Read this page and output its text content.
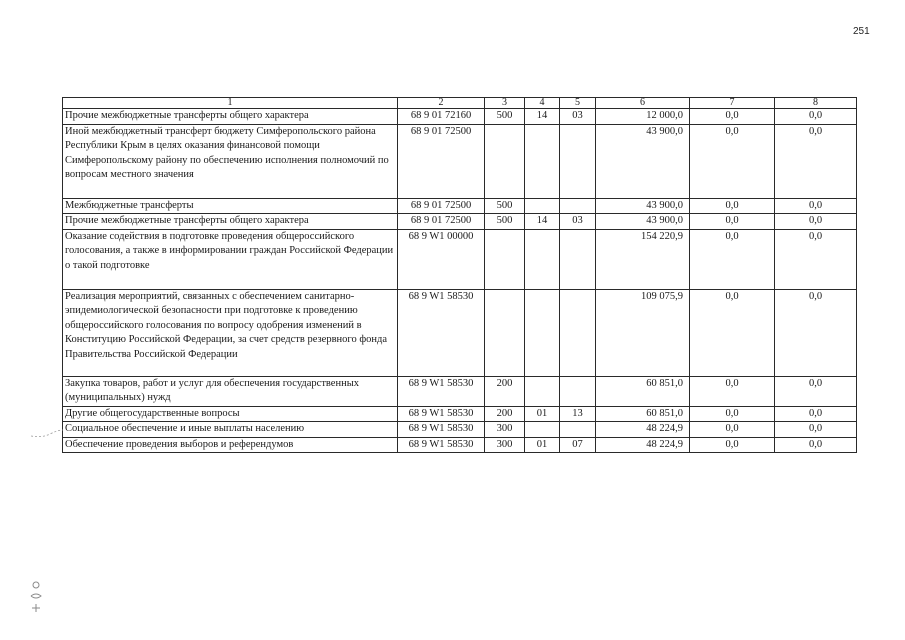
251
1	2	3	4	5	6	7	8
Прочие межбюджетные трансферты общего характера	68 9 01 72160	500	14	03	12 000,0	0,0	0,0
Иной межбюджетный трансферт бюджету Симферопольского района Республики Крым в целях оказания финансовой помощи Симферопольскому району по обеспечению исполнения полномочий по вопросам местного значения	68 9 01 72500				43 900,0	0,0	0,0
Межбюджетные трансферты	68 9 01 72500	500			43 900,0	0,0	0,0
Прочие межбюджетные трансферты общего характера	68 9 01 72500	500	14	03	43 900,0	0,0	0,0
Оказание содействия в подготовке проведения общероссийского голосования, а также в информировании граждан Российской Федерации о такой подготовке	68 9 W1 00000				154 220,9	0,0	0,0
Реализация мероприятий, связанных с обеспечением санитарно-эпидемиологической безопасности при подготовке к проведению общероссийского голосования по вопросу одобрения изменений в Конституцию Российской Федерации, за счет средств резервного фонда Правительства Российской Федерации	68 9 W1 58530				109 075,9	0,0	0,0
Закупка товаров, работ и услуг для обеспечения государственных (муниципальных) нужд	68 9 W1 58530	200			60 851,0	0,0	0,0
Другие общегосударственные вопросы	68 9 W1 58530	200	01	13	60 851,0	0,0	0,0
Социальное обеспечение и иные выплаты населению	68 9 W1 58530	300			48 224,9	0,0	0,0
Обеспечение проведения выборов и референдумов	68 9 W1 58530	300	01	07	48 224,9	0,0	0,0
